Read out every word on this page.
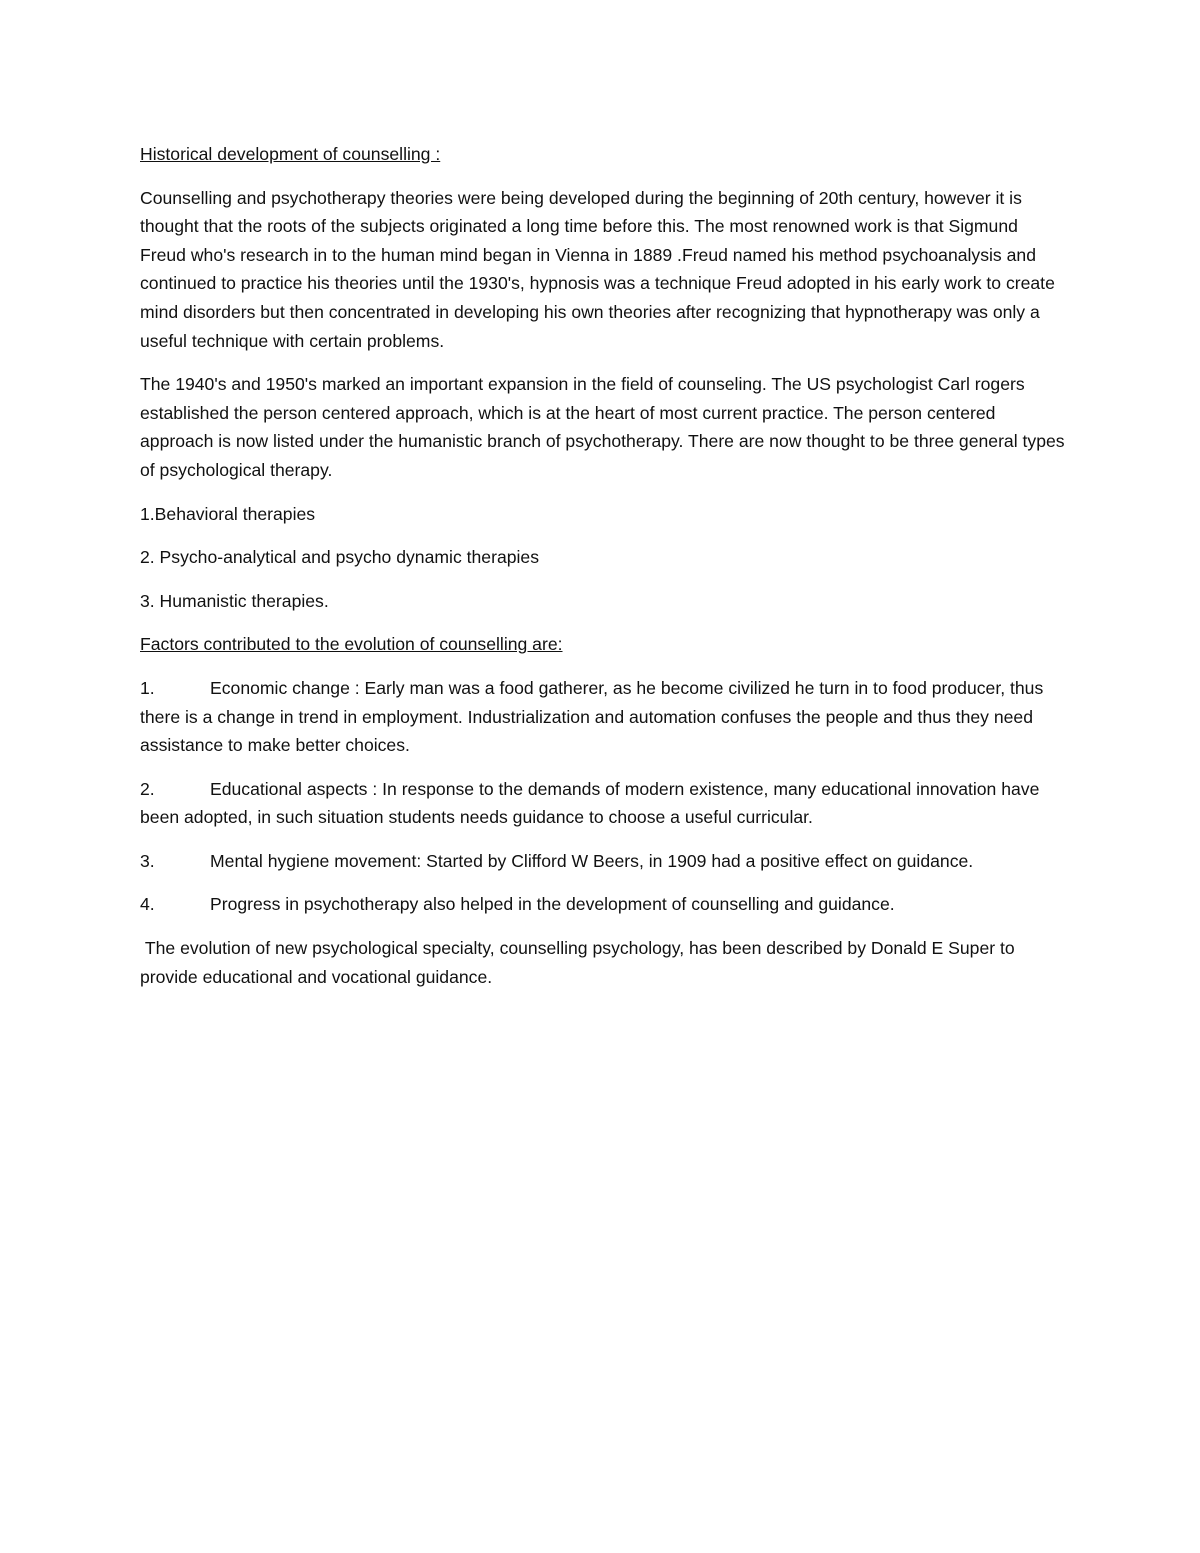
Historical development of counselling :

Counselling and psychotherapy theories were being developed during the beginning of 20th century, however it is thought that the roots of the subjects originated a long time before this. The most renowned work is that Sigmund Freud who's research in to the human mind began in Vienna in 1889 .Freud named his method psychoanalysis and continued to practice his theories until the 1930's, hypnosis was a technique Freud adopted in his early work to create mind disorders but then concentrated in developing his own theories after recognizing that hypnotherapy was only a useful technique with certain problems.

The 1940's and 1950's marked an important expansion in the field of counseling. The US psychologist Carl rogers established the person centered approach, which is at the heart of most current practice. The person centered approach is now listed under the humanistic branch of psychotherapy. There are now thought to be three general types of psychological therapy.

1.Behavioral therapies

2. Psycho-analytical and psycho dynamic therapies

3. Humanistic therapies.

Factors contributed to the evolution of counselling are:

1.	Economic change : Early man was a food gatherer, as he become civilized he turn in to food producer, thus there is a change in trend in employment. Industrialization and automation confuses the people and thus they need assistance to make better choices.

2.	Educational aspects : In response to the demands of modern existence, many educational innovation have been adopted, in such situation students needs guidance to choose a useful curricular.

3.	Mental hygiene movement: Started by Clifford W Beers, in 1909 had a positive effect on guidance.

4.	Progress in psychotherapy also helped in the development of counselling and guidance.

The evolution of new psychological specialty, counselling psychology, has been described by Donald E Super to provide educational and vocational guidance.
